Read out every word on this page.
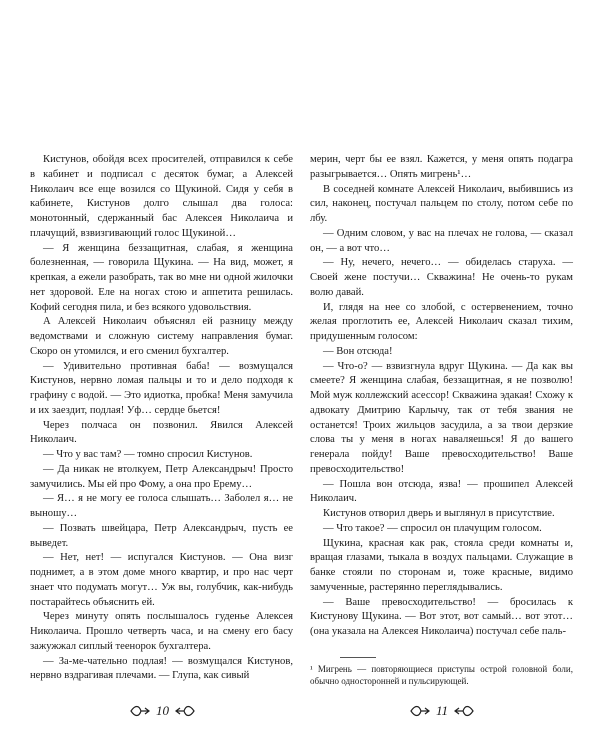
Кистунов, обойдя всех просителей, отправился к себе в кабинет и подписал с десяток бумаг, а Алексей Николаич все еще возился со Щукиной. Сидя у себя в кабинете, Кистунов долго слышал два голоса: монотонный, сдержанный бас Алексея Николаича и плачущий, взвизгивающий голос Щукиной…

— Я женщина беззащитная, слабая, я женщина болезненная, — говорила Щукина. — На вид, может, я крепкая, а ежели разобрать, так во мне ни одной жилочки нет здоровой. Еле на ногах стою и аппетита решилась. Кофий сегодня пила, и без всякого удовольствия.

А Алексей Николаич объяснял ей разницу между ведомствами и сложную систему направления бумаг. Скоро он утомился, и его сменил бухгалтер.

— Удивительно противная баба! — возмущался Кистунов, нервно ломая пальцы и то и дело подходя к графину с водой. — Это идиотка, пробка! Меня замучила и их заездит, подлая! Уф… сердце бьется!

Через полчаса он позвонил. Явился Алексей Николаич.

— Что у вас там? — томно спросил Кистунов.

— Да никак не втолкуем, Петр Александрыч! Просто замучились. Мы ей про Фому, а она про Ерему…

— Я… я не могу ее голоса слышать… Заболел я… не выношу…

— Позвать швейцара, Петр Александрыч, пусть ее выведет.

— Нет, нет! — испугался Кистунов. — Она визг поднимет, а в этом доме много квартир, и про нас черт знает что подумать могут… Уж вы, голубчик, как-нибудь постарайтесь объяснить ей.

Через минуту опять послышалось гуденье Алексея Николаича. Прошло четверть часа, и на смену его басу зажужжал сиплый теенорок бухгалтера.

— За-ме-чательно подлая! — возмущался Кистунов, нервно вздрагивая плечами. — Глупа, как сивый

мерин, черт бы ее взял. Кажется, у меня опять подагра разыгрывается… Опять мигрень¹…

В соседней комнате Алексей Николаич, выбившись из сил, наконец, постучал пальцем по столу, потом себе по лбу.

— Одним словом, у вас на плечах не голова, — сказал он, — а вот что…

— Ну, нечего, нечего… — обиделась старуха. — Своей жене постучи… Скважина! Не очень-то рукам волю давай.

И, глядя на нее со злобой, с остервенением, точно желая проглотить ее, Алексей Николаич сказал тихим, придушенным голосом:

— Вон отсюда!

— Что-о? — взвизгнула вдруг Щукина. — Да как вы смеете? Я женщина слабая, беззащитная, я не позволю! Мой муж коллежский асессор! Скважина эдакая! Схожу к адвокату Дмитрию Карлычу, так от тебя звания не останется! Троих жильцов засудила, а за твои дерзкие слова ты у меня в ногах наваляешься! Я до вашего генерала пойду! Ваше превосходительство! Ваше превосходительство!

— Пошла вон отсюда, язва! — прошипел Алексей Николаич.

Кистунов отворил дверь и выглянул в присутствие.

— Что такое? — спросил он плачущим голосом.

Щукина, красная как рак, стояла среди комнаты и, вращая глазами, тыкала в воздух пальцами. Служащие в банке стояли по сторонам и, тоже красные, видимо замученные, растерянно переглядывались.

— Ваше превосходительство! — бросилась к Кистунову Щукина. — Вот этот, вот самый… вот этот… (она указала на Алексея Николаича) постучал себе паль-

¹ Мигрень — повторяющиеся приступы острой головной боли, обычно односторонней и пульсирующей.

10	11
